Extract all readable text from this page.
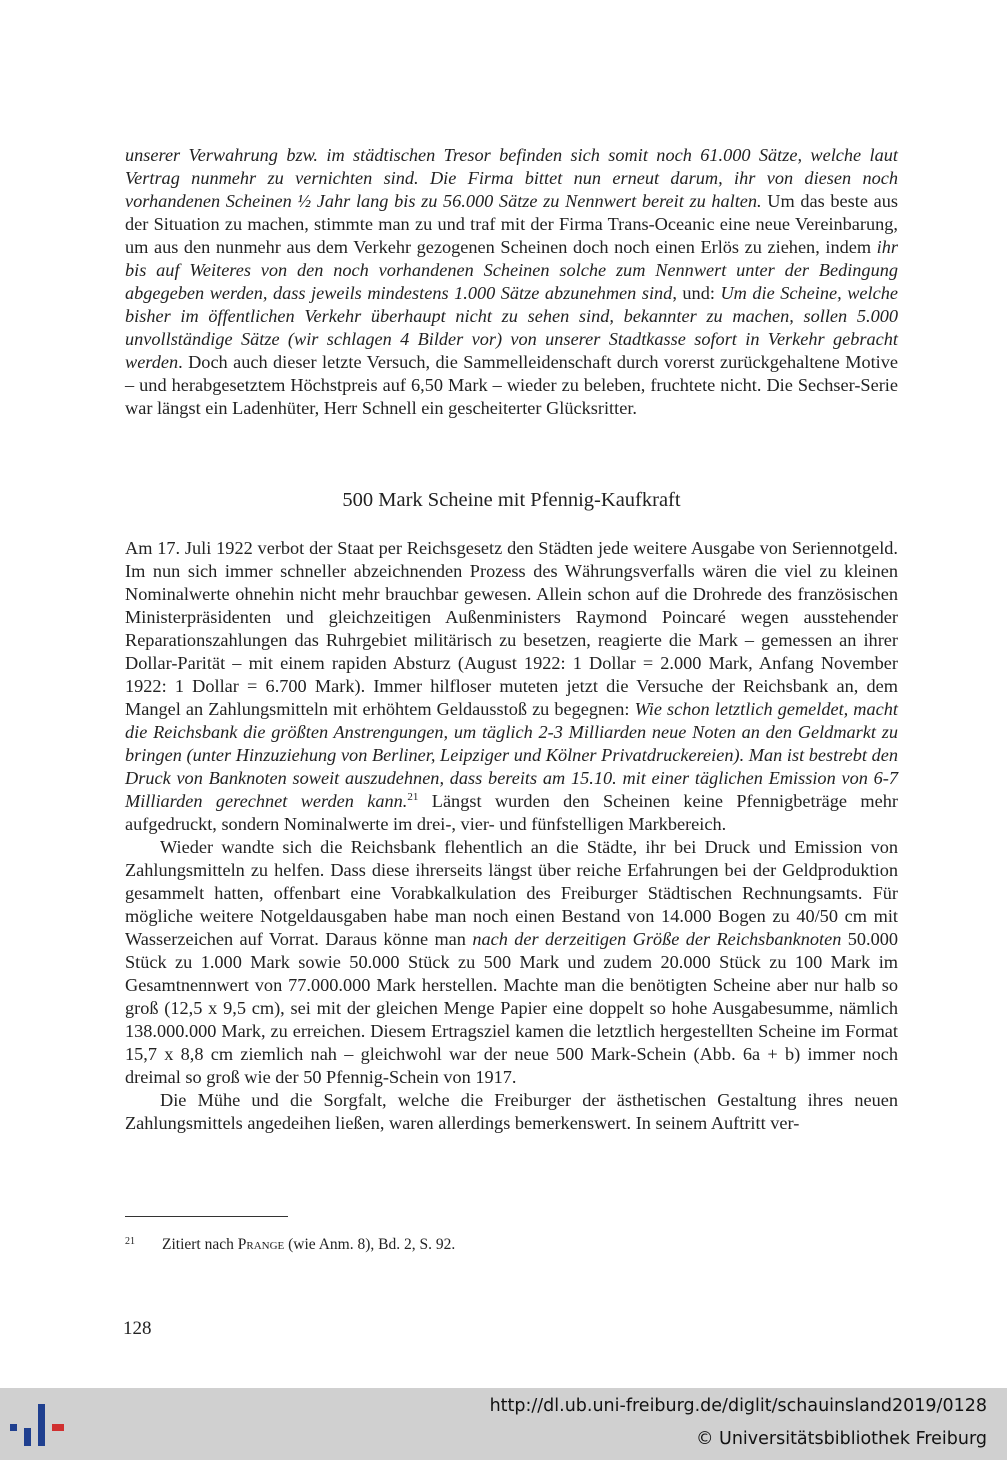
unserer Verwahrung bzw. im städtischen Tresor befinden sich somit noch 61.000 Sätze, welche laut Vertrag nunmehr zu vernichten sind. Die Firma bittet nun erneut darum, ihr von diesen noch vorhandenen Scheinen ½ Jahr lang bis zu 56.000 Sätze zu Nennwert bereit zu halten. Um das beste aus der Situation zu machen, stimmte man zu und traf mit der Firma Trans-Oceanic eine neue Vereinbarung, um aus den nunmehr aus dem Verkehr gezogenen Scheinen doch noch einen Erlös zu ziehen, indem ihr bis auf Weiteres von den noch vorhandenen Scheinen solche zum Nennwert unter der Bedingung abgegeben werden, dass jeweils mindestens 1.000 Sätze abzunehmen sind, und: Um die Scheine, welche bisher im öffentlichen Verkehr überhaupt nicht zu sehen sind, bekannter zu machen, sollen 5.000 unvollständige Sätze (wir schlagen 4 Bilder vor) von unserer Stadtkasse sofort in Verkehr gebracht werden. Doch auch dieser letzte Versuch, die Sammelleidenschaft durch vorerst zurückgehaltene Motive – und herabgesetztem Höchstpreis auf 6,50 Mark – wieder zu beleben, fruchtete nicht. Die Sechser-Serie war längst ein Ladenhüter, Herr Schnell ein gescheiterter Glücksritter.

500 Mark Scheine mit Pfennig-Kaufkraft

Am 17. Juli 1922 verbot der Staat per Reichsgesetz den Städten jede weitere Ausgabe von Seriennotgeld. Im nun sich immer schneller abzeichnenden Prozess des Währungsverfalls wären die viel zu kleinen Nominalwerte ohnehin nicht mehr brauchbar gewesen. Allein schon auf die Drohrede des französischen Ministerpräsidenten und gleichzeitigen Außenministers Raymond Poincaré wegen ausstehender Reparationszahlungen das Ruhrgebiet militärisch zu besetzen, reagierte die Mark – gemessen an ihrer Dollar-Parität – mit einem rapiden Absturz (August 1922: 1 Dollar = 2.000 Mark, Anfang November 1922: 1 Dollar = 6.700 Mark). Immer hilfloser muteten jetzt die Versuche der Reichsbank an, dem Mangel an Zahlungsmitteln mit erhöhtem Geldausstoß zu begegnen: Wie schon letztlich gemeldet, macht die Reichsbank die größten Anstrengungen, um täglich 2-3 Milliarden neue Noten an den Geldmarkt zu bringen (unter Hinzuziehung von Berliner, Leipziger und Kölner Privatdruckereien). Man ist bestrebt den Druck von Banknoten soweit auszudehnen, dass bereits am 15.10. mit einer täglichen Emission von 6-7 Milliarden gerechnet werden kann.$^{21}$ Längst wurden den Scheinen keine Pfennigbeträge mehr aufgedruckt, sondern Nominalwerte im drei-, vier- und fünfstelligen Markbereich.

Wieder wandte sich die Reichsbank flehentlich an die Städte, ihr bei Druck und Emission von Zahlungsmitteln zu helfen. Dass diese ihrerseits längst über reiche Erfahrungen bei der Geldproduktion gesammelt hatten, offenbart eine Vorabkalkulation des Freiburger Städtischen Rechnungsamts. Für mögliche weitere Notgeldausgaben habe man noch einen Bestand von 14.000 Bogen zu 40/50 cm mit Wasserzeichen auf Vorrat. Daraus könne man nach der derzeitigen Größe der Reichsbanknoten 50.000 Stück zu 1.000 Mark sowie 50.000 Stück zu 500 Mark und zudem 20.000 Stück zu 100 Mark im Gesamtnennwert von 77.000.000 Mark herstellen. Machte man die benötigten Scheine aber nur halb so groß (12,5 x 9,5 cm), sei mit der gleichen Menge Papier eine doppelt so hohe Ausgabesumme, nämlich 138.000.000 Mark, zu erreichen. Diesem Ertragsziel kamen die letztlich hergestellten Scheine im Format 15,7 x 8,8 cm ziemlich nah – gleichwohl war der neue 500 Mark-Schein (Abb. 6a + b) immer noch dreimal so groß wie der 50 Pfennig-Schein von 1917.

Die Mühe und die Sorgfalt, welche die Freiburger der ästhetischen Gestaltung ihres neuen Zahlungsmittels angedeihen ließen, waren allerdings bemerkenswert. In seinem Auftritt ver-

21 Zitiert nach Prange (wie Anm. 8), Bd. 2, S. 92.
128
http://dl.ub.uni-freiburg.de/diglit/schauinsland2019/0128
© Universitätsbibliothek Freiburg
